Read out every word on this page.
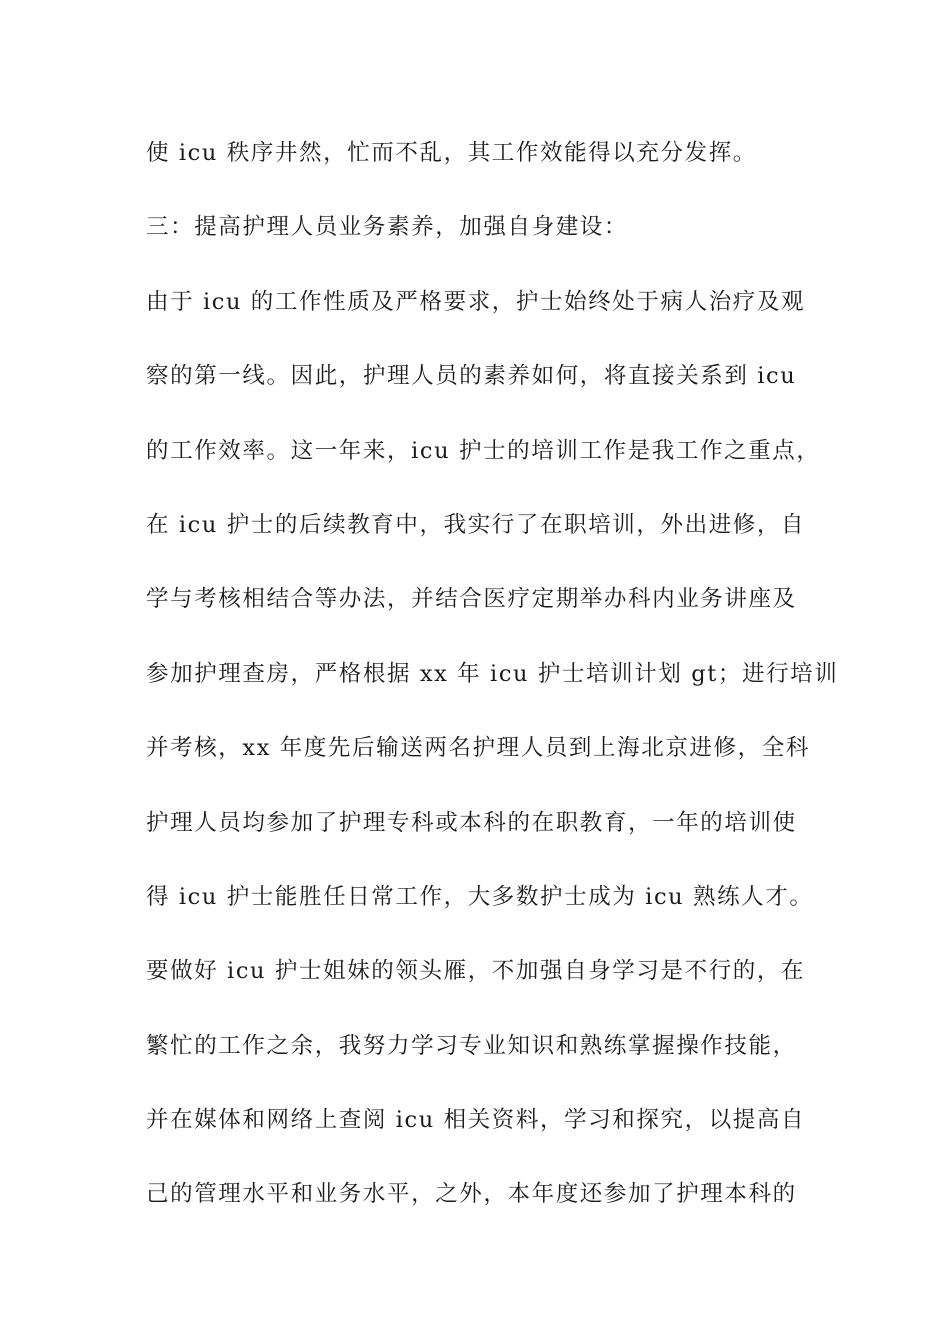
使 icu 秩序井然，忙而不乱，其工作效能得以充分发挥。
三：提高护理人员业务素养，加强自身建设：
由于 icu 的工作性质及严格要求，护士始终处于病人治疗及观
察的第一线。因此，护理人员的素养如何，将直接关系到 icu
的工作效率。这一年来，icu 护士的培训工作是我工作之重点，
在 icu 护士的后续教育中，我实行了在职培训，外出进修，自
学与考核相结合等办法，并结合医疗定期举办科内业务讲座及
参加护理查房，严格根据 xx 年 icu 护士培训计划 gt；进行培训
并考核，xx 年度先后输送两名护理人员到上海北京进修，全科
护理人员均参加了护理专科或本科的在职教育，一年的培训使
得 icu 护士能胜任日常工作，大多数护士成为 icu 熟练人才。
要做好 icu 护士姐妹的领头雁，不加强自身学习是不行的，在
繁忙的工作之余，我努力学习专业知识和熟练掌握操作技能，
并在媒体和网络上查阅 icu 相关资料，学习和探究，以提高自
己的管理水平和业务水平，之外，本年度还参加了护理本科的
